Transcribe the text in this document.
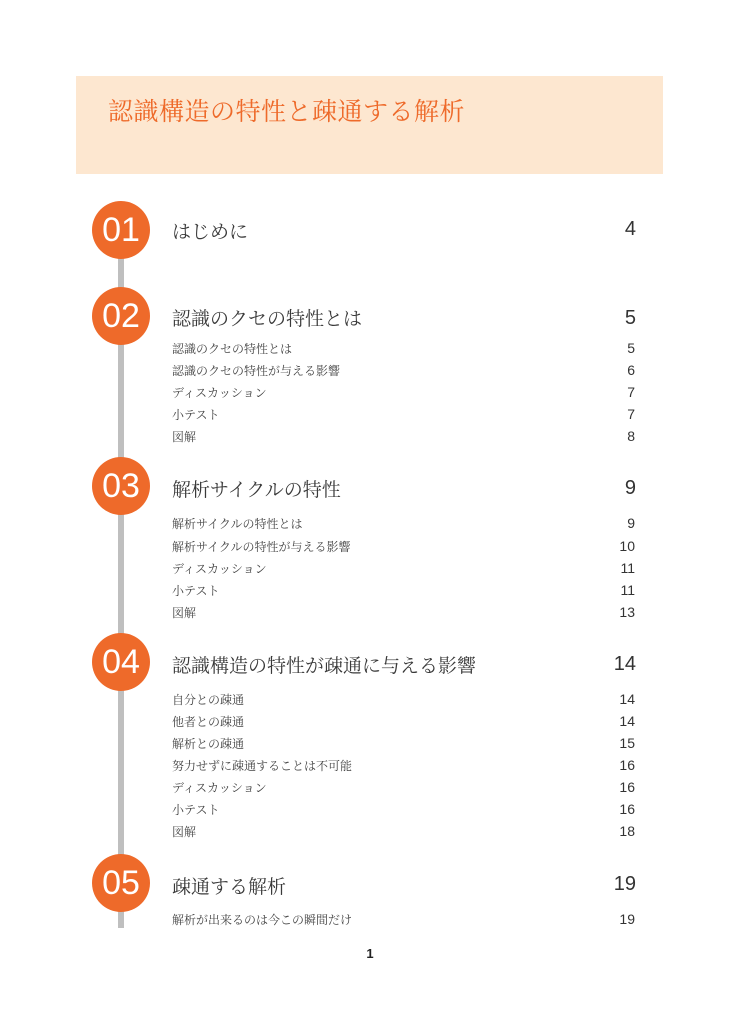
認識構造の特性と疎通する解析
01	はじめに	4
02	認識のクセの特性とは	5
認識のクセの特性とは	5
認識のクセの特性が与える影響	6
ディスカッション	7
小テスト	7
図解	8
03	解析サイクルの特性	9
解析サイクルの特性とは	9
解析サイクルの特性が与える影響	10
ディスカッション	11
小テスト	11
図解	13
04	認識構造の特性が疎通に与える影響	14
自分との疎通	14
他者との疎通	14
解析との疎通	15
努力せずに疎通することは不可能	16
ディスカッション	16
小テスト	16
図解	18
05	疎通する解析	19
解析が出来るのは今この瞬間だけ	19
1
